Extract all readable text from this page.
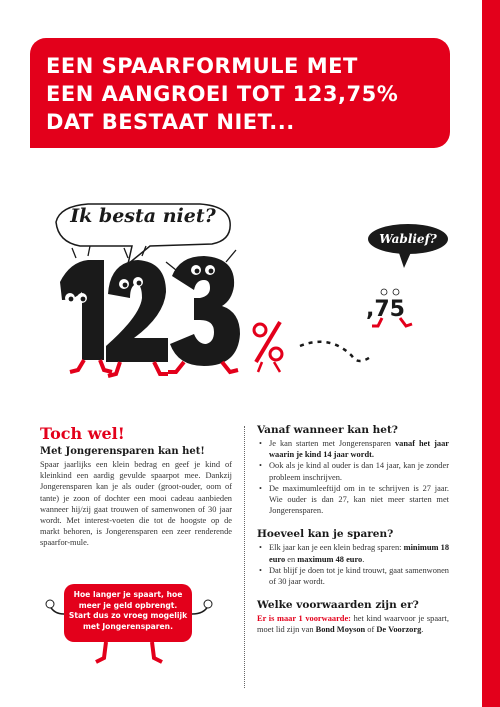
EEN SPAARFORMULE MET
EEN AANGROEI TOT 123,75%
DAT BESTAAT NIET...
,75
Ik besta niet?
Wablief?
Toch wel!
Met Jongerensparen kan het!

Spaar jaarlijks een klein bedrag en geef je kind of kleinkind een aardig gevulde spaarpot mee. Dankzij Jongerensparen kan je als ouder (groot-ouder, oom of tante) je zoon of dochter een mooi cadeau aanbieden wanneer hij/zij gaat trouwen of samenwonen of 30 jaar wordt. Met interest-voeten die tot de hoogste op de markt behoren, is Jongerensparen een zeer renderende spaarfor-mule.

Hoe langer je spaart, hoe meer je geld opbrengt. Start dus zo vroeg mogelijk met Jongerensparen.
Vanaf wanneer kan het?
• Je kan starten met Jongerensparen vanaf het jaar waarin je kind 14 jaar wordt.
• Ook als je kind al ouder is dan 14 jaar, kan je zonder probleem inschrijven.
• De maximumleeftijd om in te schrijven is 27 jaar. Wie ouder is dan 27, kan niet meer starten met Jongerensparen.
Hoeveel kan je sparen?
• Elk jaar kan je een klein bedrag sparen: minimum 18 euro en maximum 48 euro.
• Dat blijf je doen tot je kind trouwt, gaat samenwonen of 30 jaar wordt.
Welke voorwaarden zijn er?

Er is maar 1 voorwaarde: het kind waarvoor je spaart, moet lid zijn van Bond Moyson of De Voorzorg.
